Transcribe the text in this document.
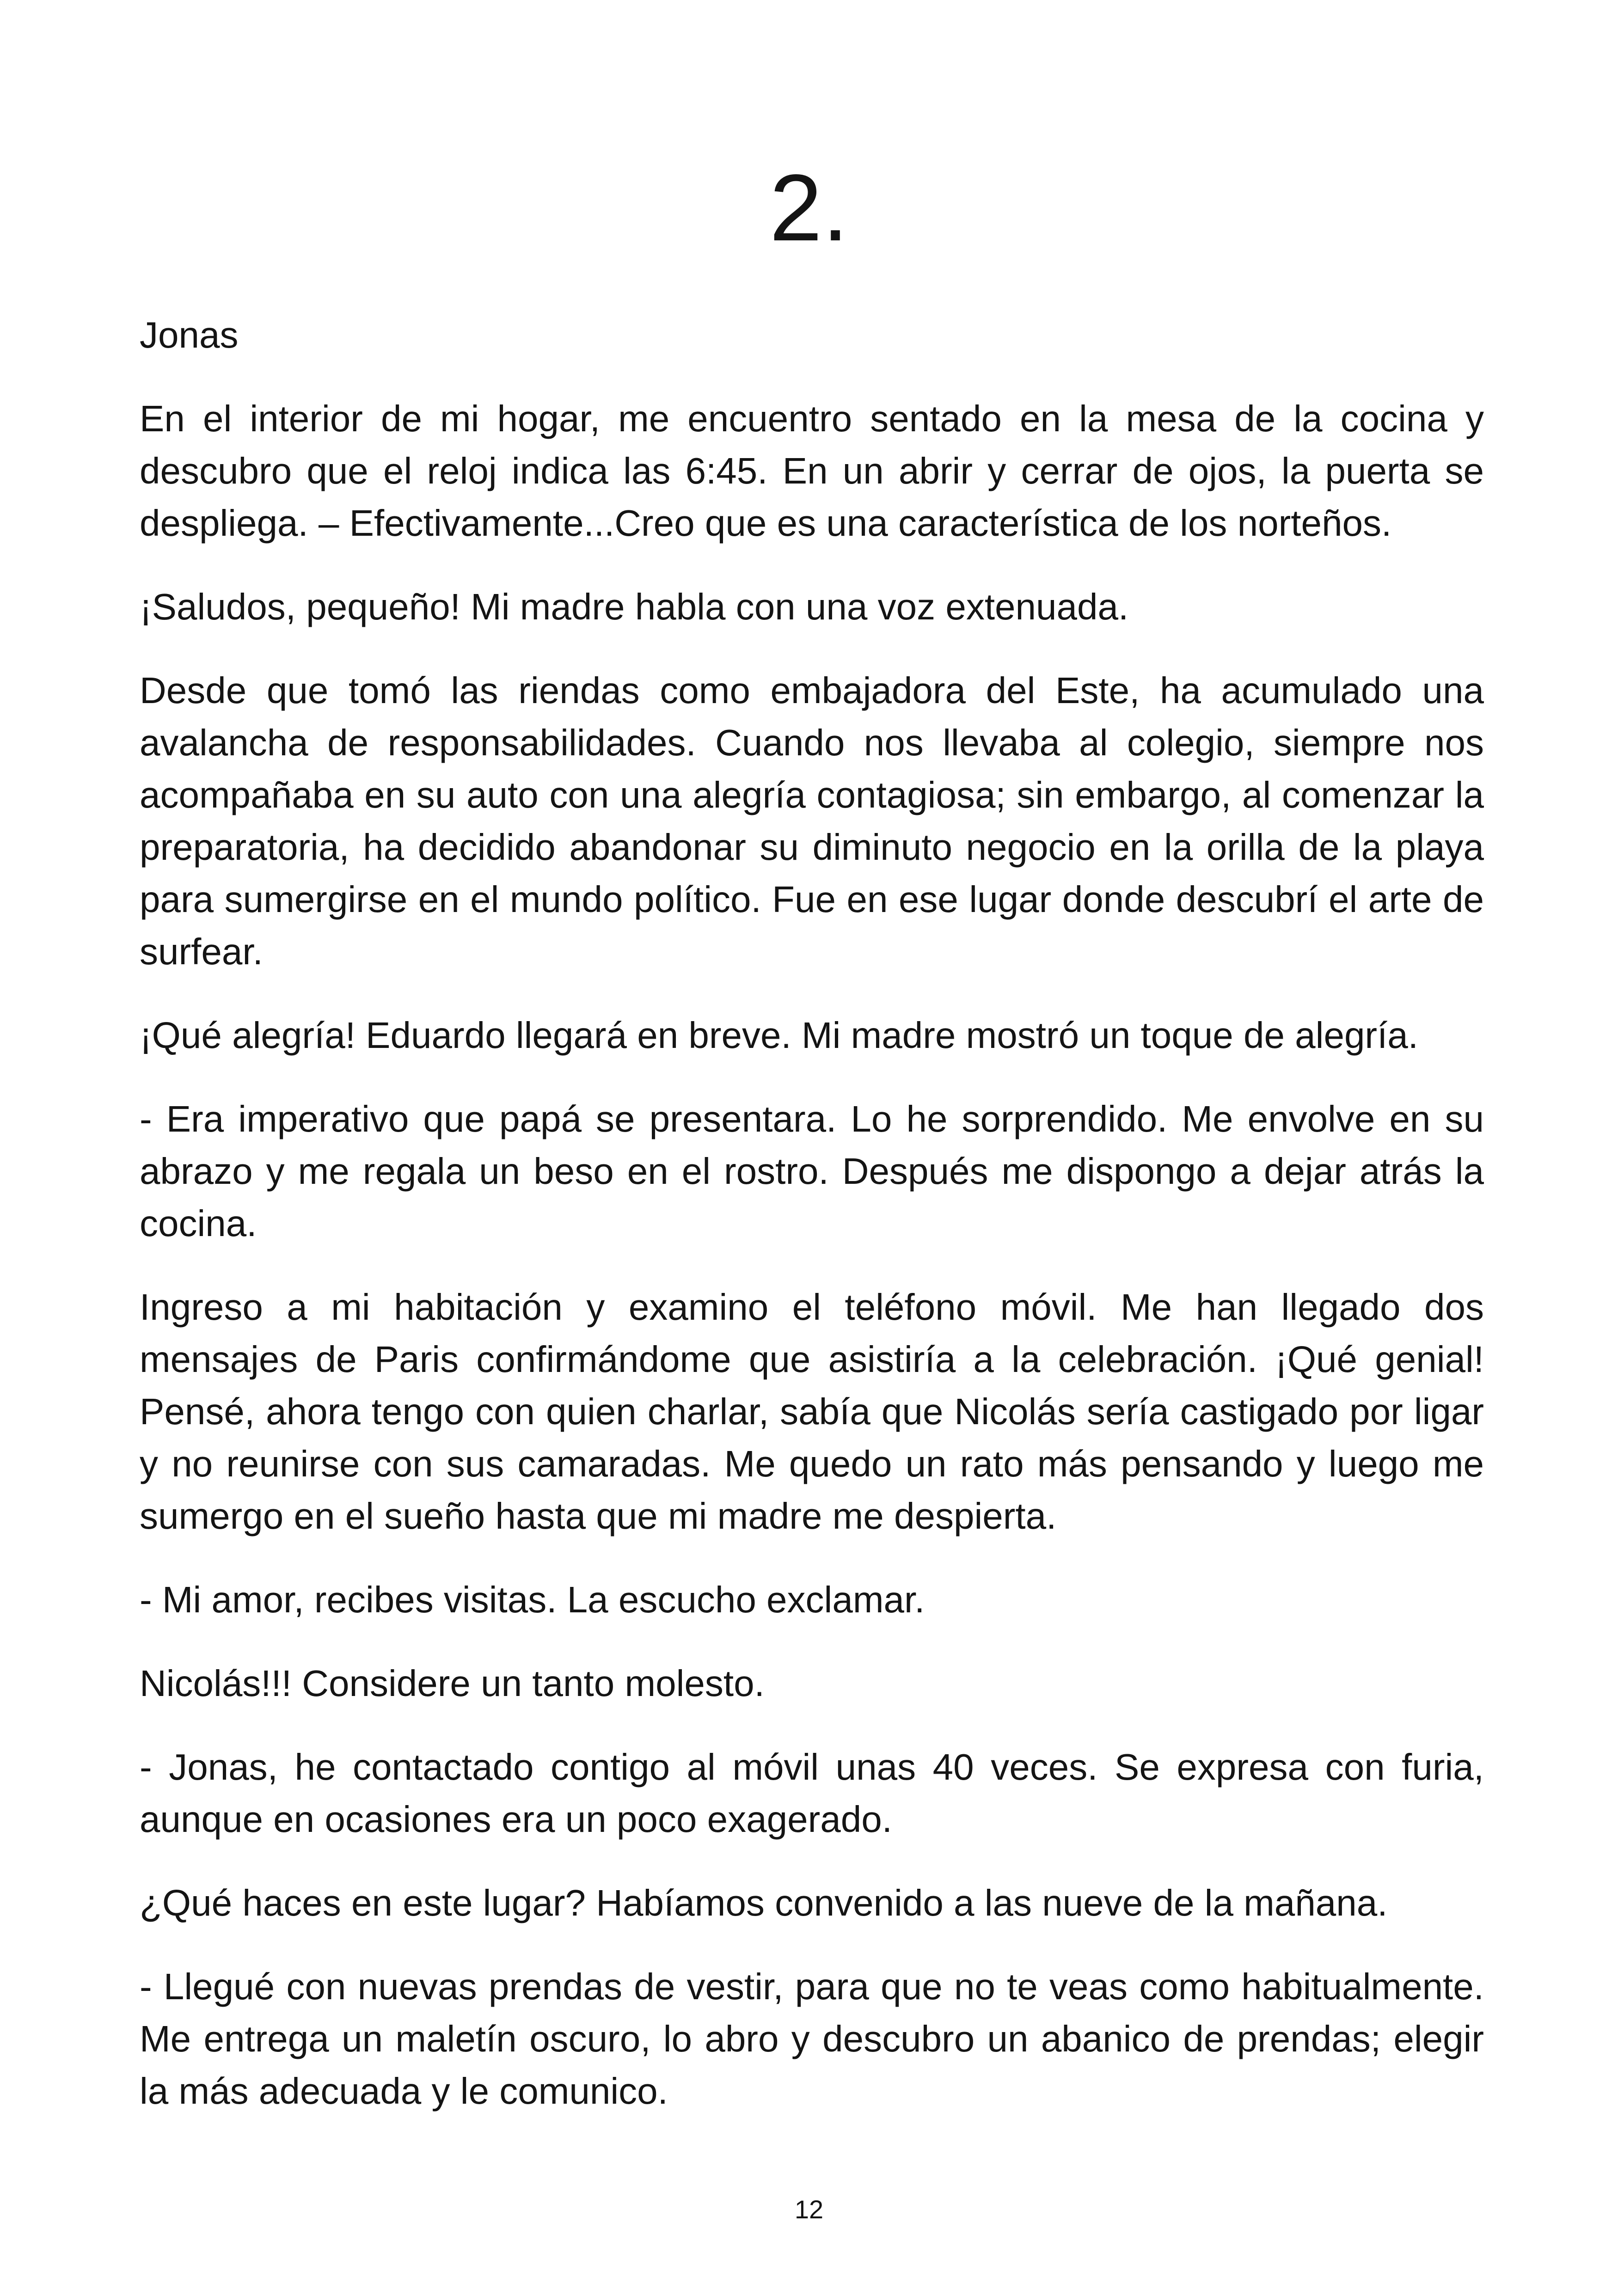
2.

Jonas

En el interior de mi hogar, me encuentro sentado en la mesa de la cocina y descubro que el reloj indica las 6:45. En un abrir y cerrar de ojos, la puerta se despliega. – Efectivamente...Creo que es una característica de los norteños.

¡Saludos, pequeño! Mi madre habla con una voz extenuada.

Desde que tomó las riendas como embajadora del Este, ha acumulado una avalancha de responsabilidades. Cuando nos llevaba al colegio, siempre nos acompañaba en su auto con una alegría contagiosa; sin embargo, al comenzar la preparatoria, ha decidido abandonar su diminuto negocio en la orilla de la playa para sumergirse en el mundo político. Fue en ese lugar donde descubrí el arte de surfear.

¡Qué alegría! Eduardo llegará en breve. Mi madre mostró un toque de alegría.

- Era imperativo que papá se presentara. Lo he sorprendido. Me envolve en su abrazo y me regala un beso en el rostro. Después me dispongo a dejar atrás la cocina.

Ingreso a mi habitación y examino el teléfono móvil. Me han llegado dos mensajes de Paris confirmándome que asistiría a la celebración. ¡Qué genial! Pensé, ahora tengo con quien charlar, sabía que Nicolás sería castigado por ligar y no reunirse con sus camaradas. Me quedo un rato más pensando y luego me sumergo en el sueño hasta que mi madre me despierta.

- Mi amor, recibes visitas. La escucho exclamar.

Nicolás!!! Considere un tanto molesto.

- Jonas, he contactado contigo al móvil unas 40 veces. Se expresa con furia, aunque en ocasiones era un poco exagerado.

¿Qué haces en este lugar? Habíamos convenido a las nueve de la mañana.

- Llegué con nuevas prendas de vestir, para que no te veas como habitualmente. Me entrega un maletín oscuro, lo abro y descubro un abanico de prendas; elegir la más adecuada y le comunico.

12
